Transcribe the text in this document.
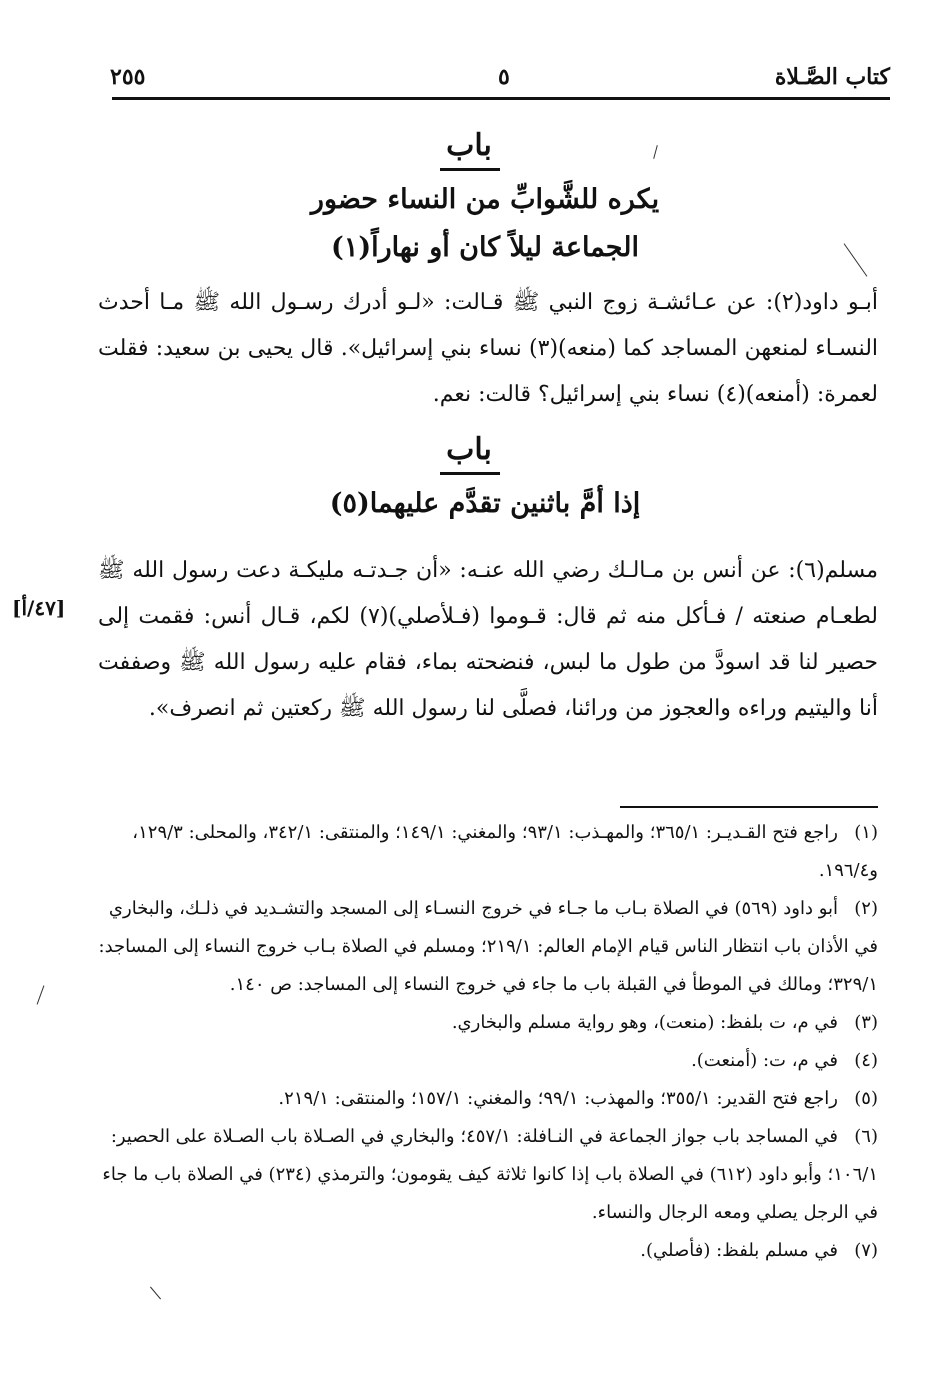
كتاب الصَّـلاة
٥
٢٥٥
باب
يكره للشَّوابِّ من النساء حضور
الجماعة ليلاً كان أو نهاراً(١)
أبـو داود(٢): عن عـائشـة زوج النبي ﷺ قـالت: «لـو أدرك رسـول الله ﷺ مـا أحدث النسـاء لمنعهن المساجد كما (منعه)(٣) نساء بني إسرائيل». قال يحيى بن سعيد: فقلت لعمرة: (أمنعه)(٤) نساء بني إسرائيل؟ قالت: نعم.
باب
إذا أمَّ باثنين تقدَّم عليهما(٥)
مسلم(٦): عن أنس بن مـالـك رضي الله عنـه: «أن جـدتـه مليكـة دعت رسول الله ﷺ لطعـام صنعته / فـأكل منه ثم قال: قـوموا (فـلأصلي)(٧) لكم، قـال أنس: فقمت إلى حصير لنا قد اسودَّ من طول ما لبس، فنضحته بماء، فقام عليه رسول الله ﷺ وصففت أنا واليتيم وراءه والعجوز من ورائنا، فصلَّى لنا رسول الله ﷺ ركعتين ثم انصرف».
[٤٧/أ]
(١)راجع فتح القـديـر: ٣٦٥/١؛ والمهـذب: ٩٣/١؛ والمغني: ١٤٩/١؛ والمنتقى: ٣٤٢/١، والمحلى: ١٢٩/٣، و١٩٦/٤.
(٢)أبو داود (٥٦٩) في الصلاة بـاب ما جـاء في خروج النسـاء إلى المسجد والتشـديد في ذلـك، والبخاري في الأذان باب انتظار الناس قيام الإمام العالم: ٢١٩/١؛ ومسلم في الصلاة بـاب خروج النساء إلى المساجد: ٣٢٩/١؛ ومالك في الموطأ في القبلة باب ما جاء في خروج النساء إلى المساجد: ص ١٤٠.
(٣)في م، ت بلفظ: (منعت)، وهو رواية مسلم والبخاري.
(٤)في م، ت: (أمنعت).
(٥)راجع فتح القدير: ٣٥٥/١؛ والمهذب: ٩٩/١؛ والمغني: ١٥٧/١؛ والمنتقى: ٢١٩/١.
(٦)في المساجد باب جواز الجماعة في النـافلة: ٤٥٧/١؛ والبخاري في الصـلاة باب الصـلاة على الحصير: ١٠٦/١؛ وأبو داود (٦١٢) في الصلاة باب إذا كانوا ثلاثة كيف يقومون؛ والترمذي (٢٣٤) في الصلاة باب ما جاء في الرجل يصلي ومعه الرجال والنساء.
(٧)في مسلم بلفظ: (فأصلي).
